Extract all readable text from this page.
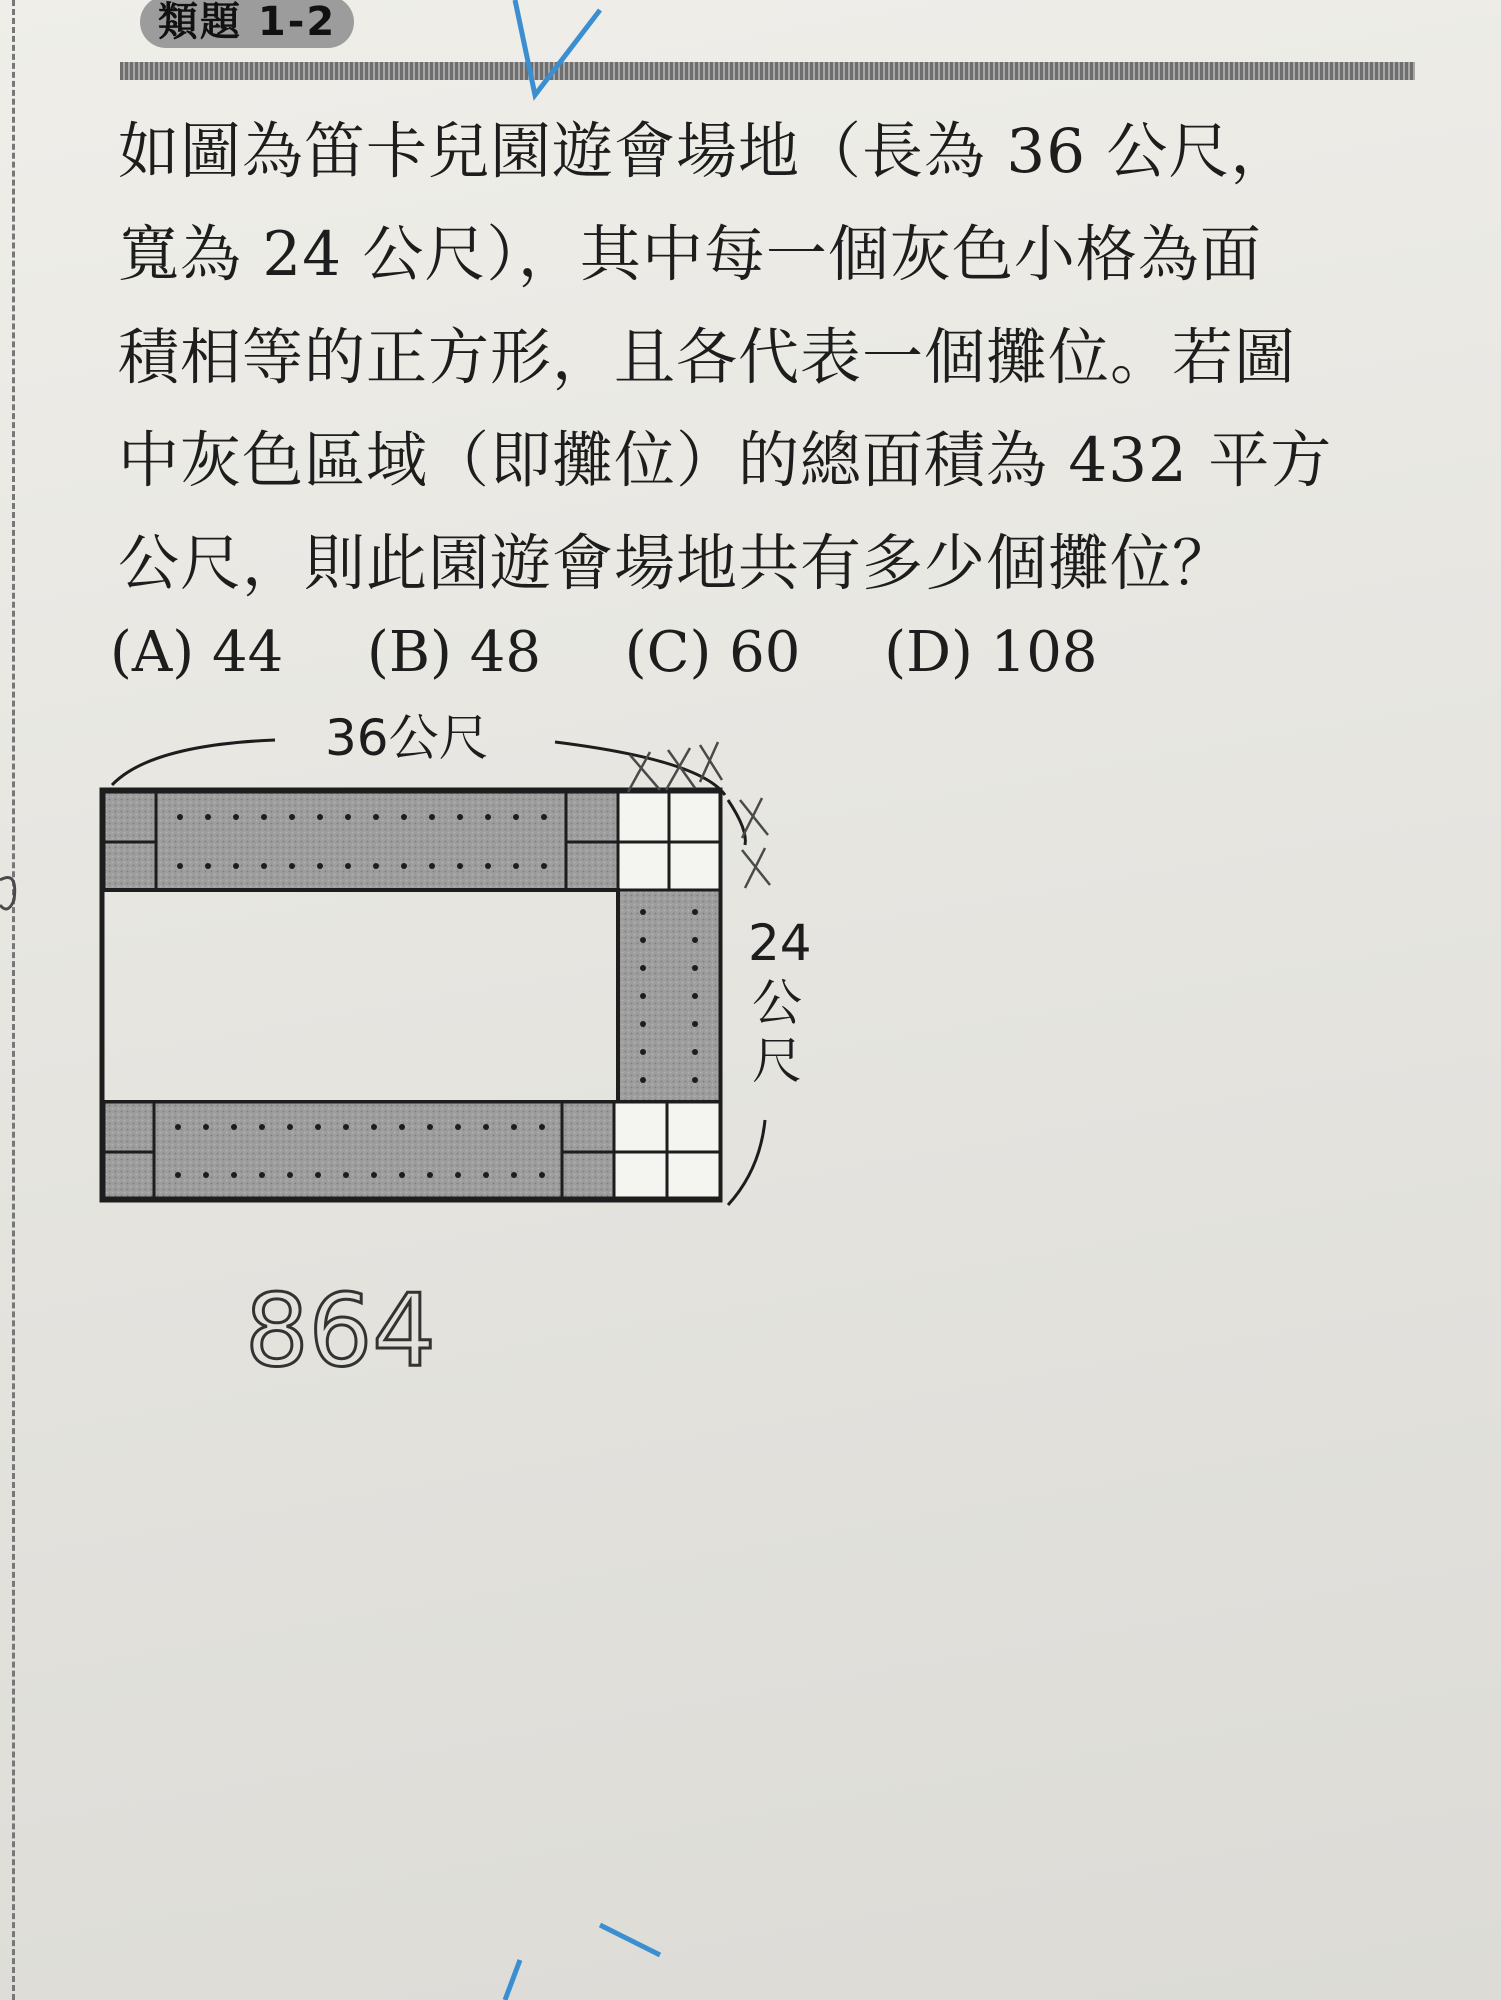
類題 1-2
如圖為笛卡兒園遊會場地（長為 36 公尺，
寬為 24 公尺），其中每一個灰色小格為面
積相等的正方形，且各代表一個攤位。若圖
中灰色區域（即攤位）的總面積為 432 平方
公尺，則此園遊會場地共有多少個攤位？
(A) 44 (B) 48 (C) 60 (D) 108
36公尺
24
公
尺
864
